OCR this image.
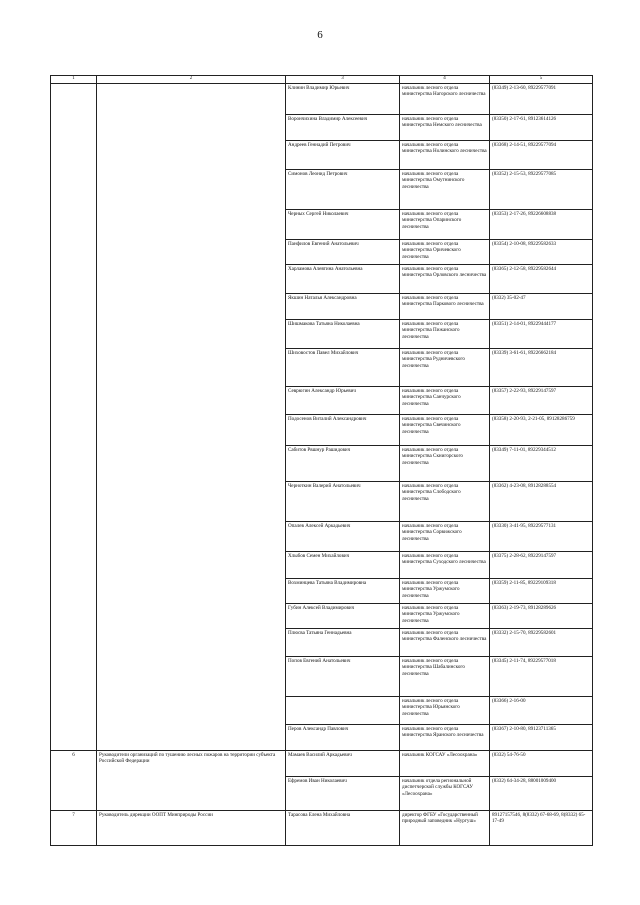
6
1	2	3	4	5
		Клинин Владимир Юрьевич	начальник лесного отдела министерства Нагорского лесничества	(83349) 2-13-60, 89229577091
		Ворончихина Владимир Алексеевич	начальник лесного отдела министерства Немского лесничества	(83350) 2-17-61, 89123614126
		Андреев Геннадий Петрович	начальник лесного отдела министерства Нолинского лесничества	(83368) 2-14-51, 89229577094
		Симонов Леонид Петрович	начальник лесного отдела министерства Омутнинского лесничества	(83352) 2-15-53, 89229577085
		Черных Сергей Николаевич	начальник лесного отдела министерства Опаринского лесничества	(83353) 2-17-26, 89226608838
		Панфилов Евгений Анатольевич	начальник лесного отдела министерства Оричевского лесничества	(83354) 2-10-08, 89229582633
		Харламова Алевтина Анатольевна	начальник лесного отдела министерства Орловского лесничества	(83365) 2-12-58, 89229582644
		Якшин Наталья Александровна	начальник лесного отдела министерства Паркового лесничества	(8332) 35-02-47
		Шишмакова Татьяна Николаевна	начальник лесного отдела министерства Пижанского лесничества	(83351) 2-14-01, 89229444177
		Шиховостов Павел Михайлович	начальник лесного отдела министерства Рудничевского лесничества	(83339) 3-61-61, 89226662184
		Севрюгин Александр Юрьевич	начальник лесного отдела министерства Санчурского лесничества	(83357) 2-22-93, 89229147597
		Подосенов Виталий Александрович	начальник лесного отдела министерства Свечинского лесничества	(83358) 2-20-93, 2-21-05, 89128286759
		Сабитов Рвшнур Рашидович	начальник лесного отдела министерства Скнигорского лесничества	(83349) 7-11-01, 89229344512
		Черноткин Валерий Анатольевич	начальник лесного отдела министерства Слободского лесничества	(83362) 4-23-08, 89128288554
		Опалев Алексей Аркадьевич	начальник лесного отдела министерства Сорвижского лесничества	(83330) 3-41-95, 89229577131
		Хлыбов Семен Михайлович	начальник лесного отдела министерства Суходского лесничества	(83375) 2-28-62, 89229147597
		Вохминцева Татьяна Владимировна	начальник лесного отдела министерства Уржумского лесничества	(83359) 2-11-85, 89229109318
		Губин Алексей Владимирович	начальник лесного отдела министерства Уржумского лесничества	(83363) 2-19-73, 89128289626
		Плюсва Татьяна Геннадьевна	начальник лесного отдела министерства Фаленского лесничества	(83332) 2-15-70, 89229582601
		Попов Евгений Анатольевич	начальник лесного отдела министерства Шабалинского лесничества	(83345) 2-11-74, 89229577018
			начальник лесного отдела министерства Юрьянского лесничества	(83366) 2-16-00
		Перов Александр Павлович	начальник лесного отдела министерства Яранского лесничества	(83367) 2-10-80, 89123711365
6	Руководители организаций по тушению лесных пожаров на территории субъекта Российской Федерации	Мамаев Василий Аркадьевич	начальник КОГСАУ «Лесоохрана»	(8332) 54-76-50
		Ефремов Иван Николаевич	начальник отдела региональной диспетчерской службы КОГСАУ «Лесоохрана»	(8332) 64-34-28, 88001009400
7	Руководитель дирекции ООПТ Минприроды России	Тарасова Елена Михайловна	директор ФГБУ «Государственный природный заповедник «Нургуш»	89127157546, 8(8332) 67-68-69, 8(8332) 65-17-49
